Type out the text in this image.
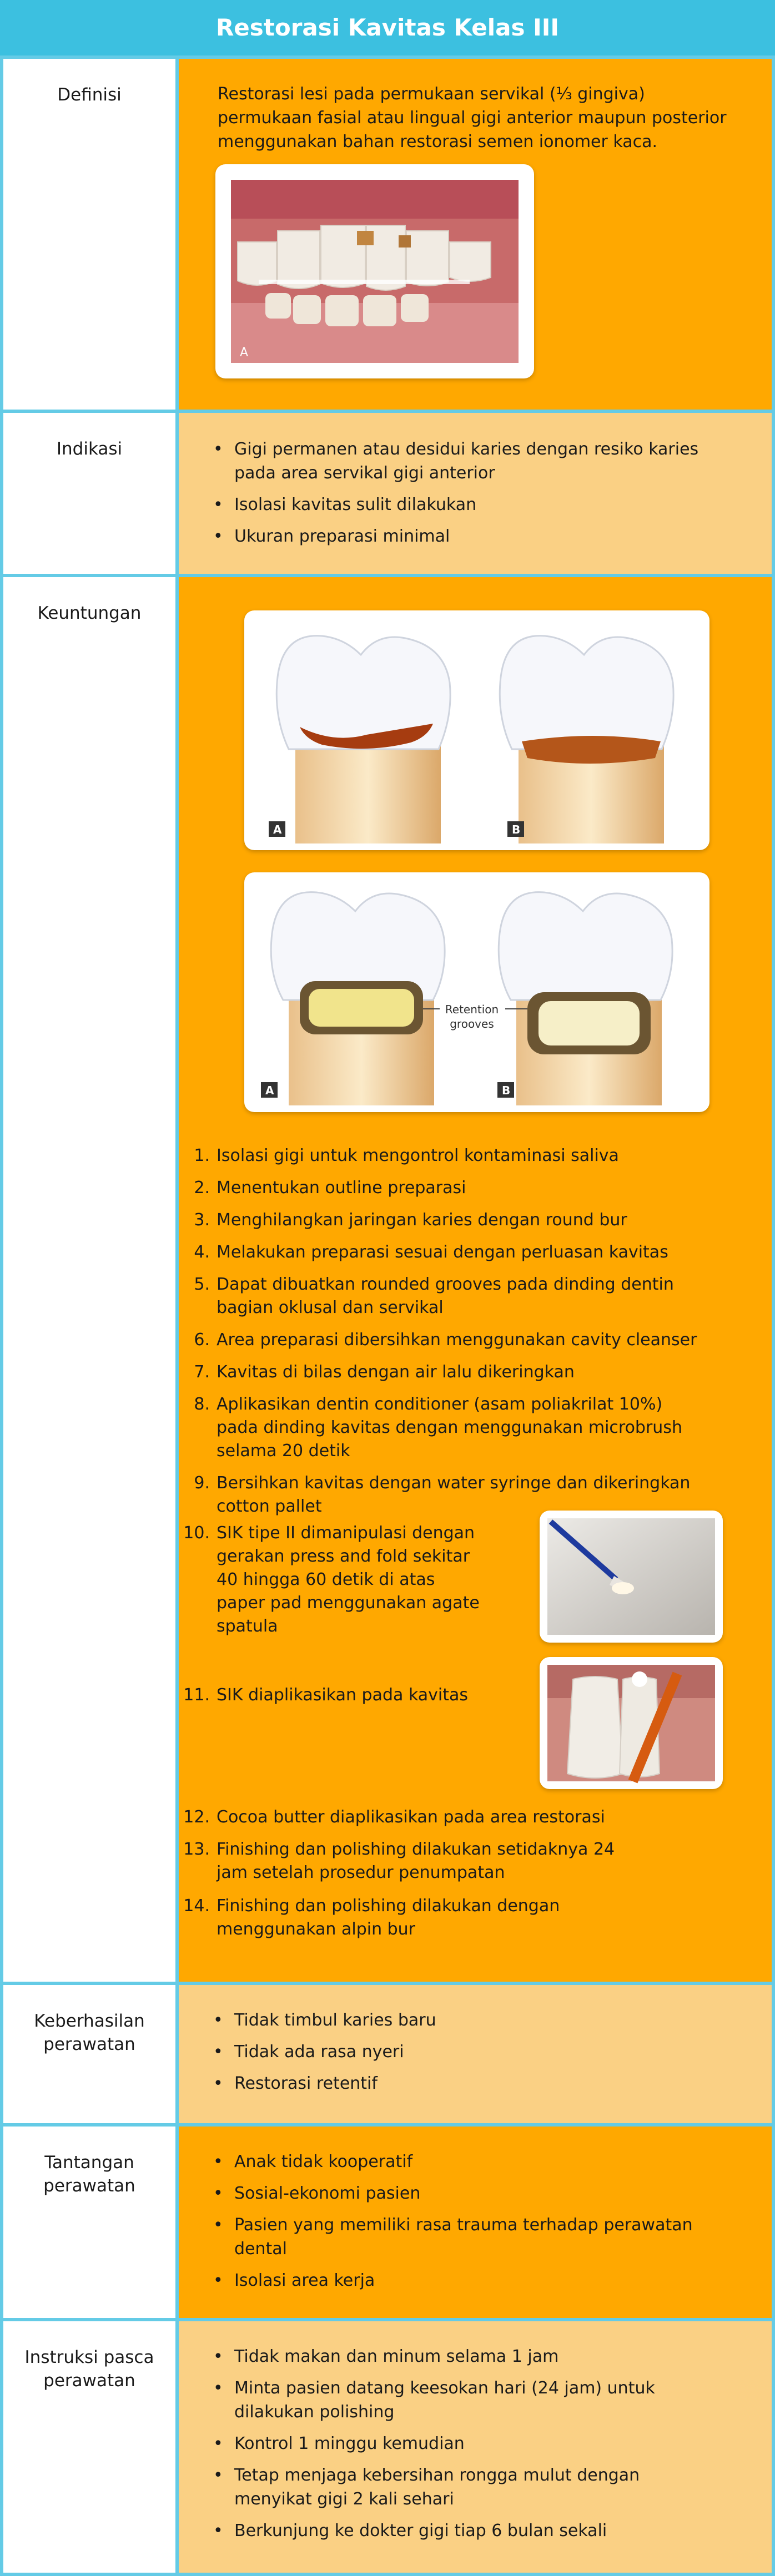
Restorasi Kavitas Kelas III
Definisi	Restorasi lesi pada permukaan servikal (⅓ gingiva)
permukaan fasial atau lingual gigi anterior maupun posterior
menggunakan bahan restorasi semen ionomer kaca.
A
Indikasi
•	Gigi permanen atau desidui karies dengan resiko karies
pada area servikal gigi anterior
• Isolasi kavitas sulit dilakukan
• Ukuran preparasi minimal
Keuntungan
A	B
Retention
grooves
A	B
1. Isolasi gigi untuk mengontrol kontaminasi saliva
2. Menentukan outline preparasi
3. Menghilangkan jaringan karies dengan round bur
4. Melakukan preparasi sesuai dengan perluasan kavitas
5. Dapat dibuatkan rounded grooves pada dinding dentin
bagian oklusal dan servikal
6. Area preparasi dibersihkan menggunakan cavity cleanser
7. Kavitas di bilas dengan air lalu dikeringkan
8. Aplikasikan dentin conditioner (asam poliakrilat 10%)
pada dinding kavitas dengan menggunakan microbrush
selama 20 detik
9. Bersihkan kavitas dengan water syringe dan dikeringkan
cotton pallet
10. SIK tipe II dimanipulasi dengan
gerakan press and fold sekitar
40 hingga 60 detik di atas
paper pad menggunakan agate
spatula
11. SIK diaplikasikan pada kavitas
12. Cocoa butter diaplikasikan pada area restorasi
13. Finishing dan polishing dilakukan setidaknya 24
jam setelah prosedur penumpatan
14. Finishing dan polishing dilakukan dengan
menggunakan alpin bur
Keberhasilan
perawatan
• Tidak timbul karies baru
• Tidak ada rasa nyeri
• Restorasi retentif
Tantangan
perawatan
• Anak tidak kooperatif
• Sosial-ekonomi pasien
• Pasien yang memiliki rasa trauma terhadap perawatan
dental
• Isolasi area kerja
Instruksi pasca
perawatan
• Tidak makan dan minum selama 1 jam
• Minta pasien datang keesokan hari (24 jam) untuk
dilakukan polishing
• Kontrol 1 minggu kemudian
• Tetap menjaga kebersihan rongga mulut dengan
menyikat gigi 2 kali sehari
• Berkunjung ke dokter gigi tiap 6 bulan sekali
